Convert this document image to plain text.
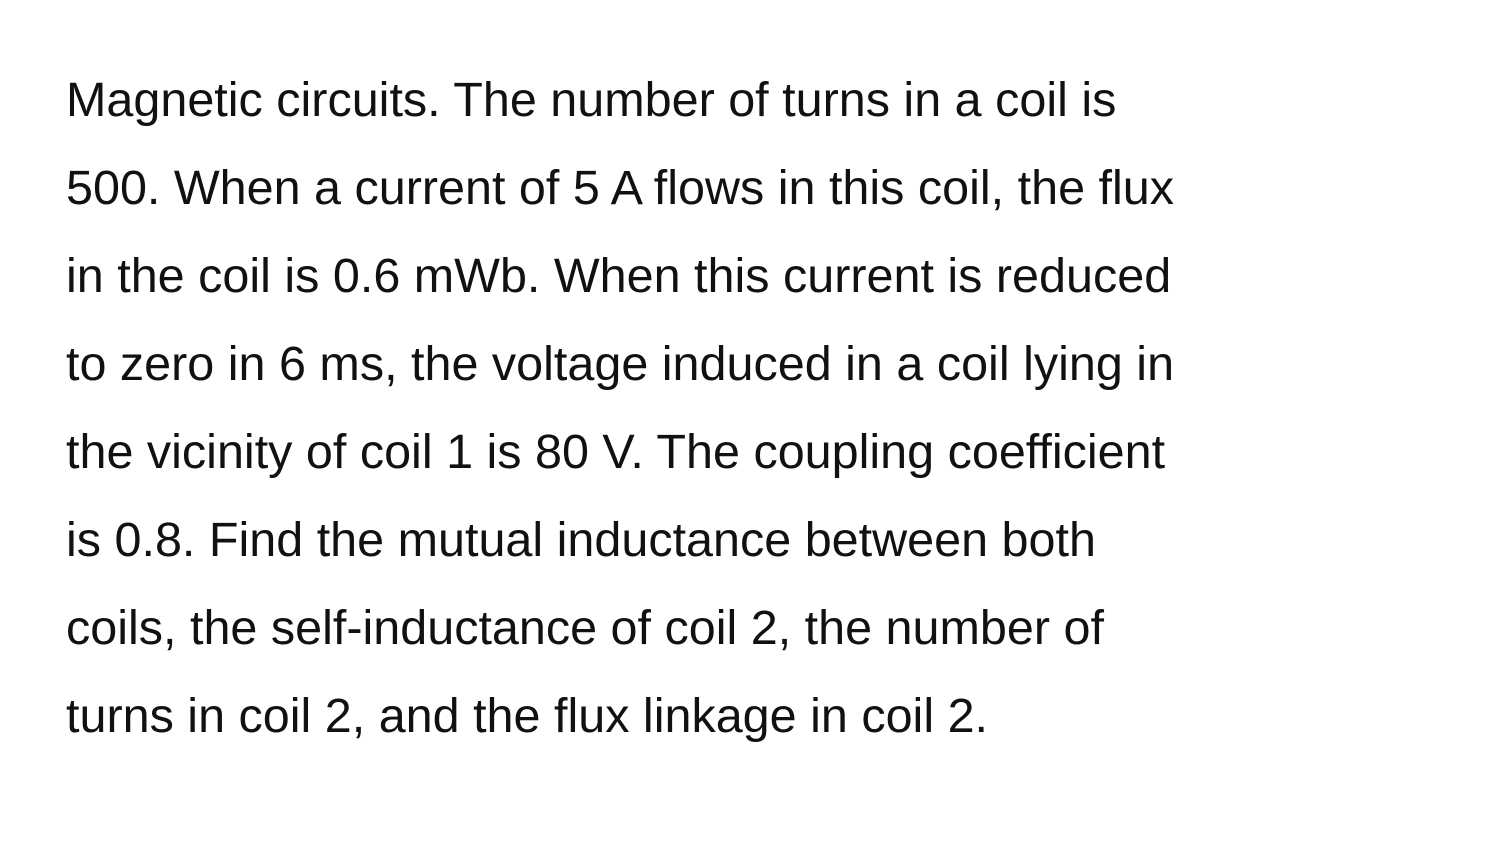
Magnetic circuits. The number of turns in a coil is
500. When a current of 5 A flows in this coil, the flux
in the coil is 0.6 mWb. When this current is reduced
to zero in 6 ms, the voltage induced in a coil lying in
the vicinity of coil 1 is 80 V. The coupling coefficient
is 0.8. Find the mutual inductance between both
coils, the self-inductance of coil 2, the number of
turns in coil 2, and the flux linkage in coil 2.
